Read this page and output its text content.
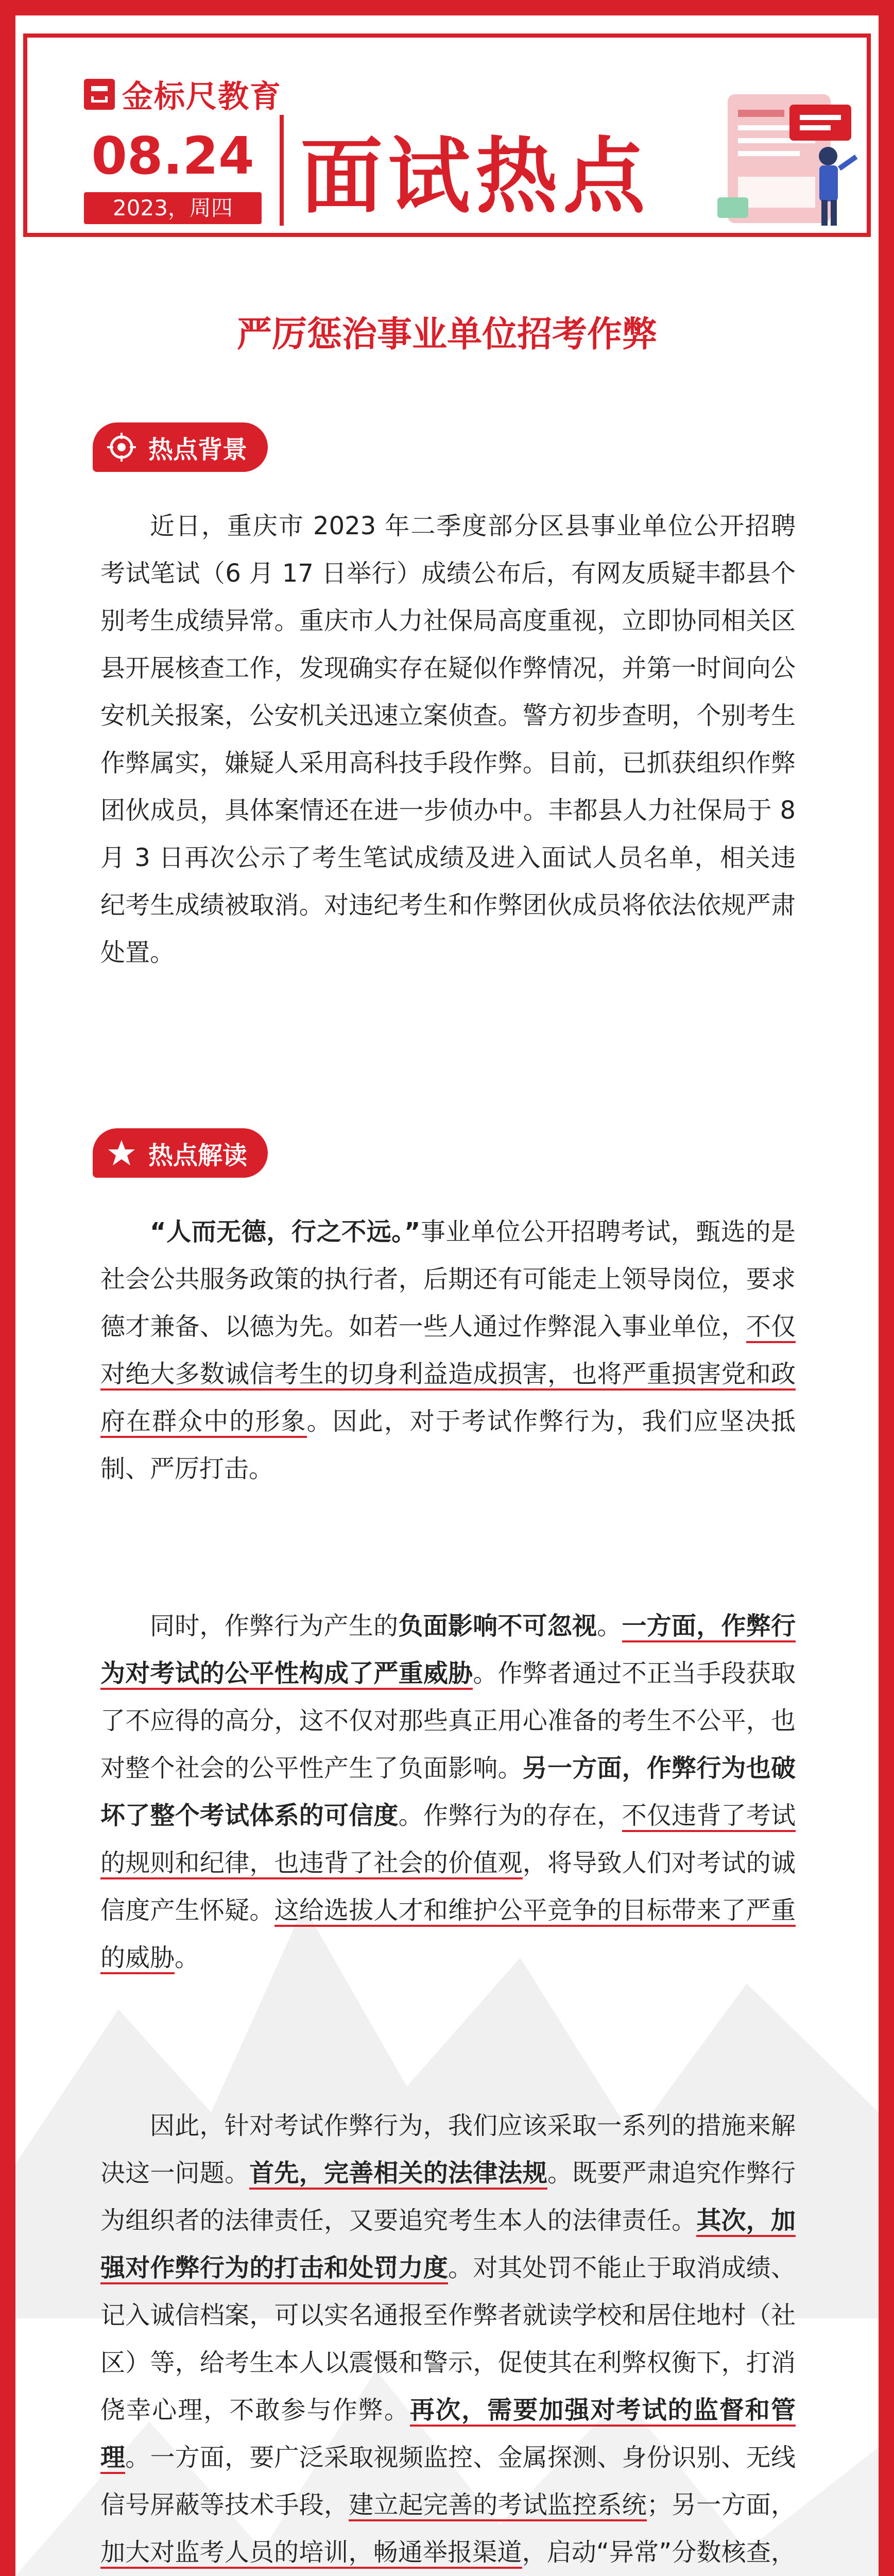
金标尺教育
08.24
2023，周四 面试热点
严厉惩治事业单位招考作弊
热点背景

近日，重庆市 2023 年二季度部分区县事业单位公开招聘考试笔试（6 月 17 日举行）成绩公布后，有网友质疑丰都县个别考生成绩异常。重庆市人力社保局高度重视，立即协同相关区县开展核查工作，发现确实存在疑似作弊情况，并第一时间向公安机关报案，公安机关迅速立案侦查。警方初步查明，个别考生作弊属实，嫌疑人采用高科技手段作弊。目前，已抓获组织作弊团伙成员，具体案情还在进一步侦办中。丰都县人力社保局于 8 月 3 日再次公示了考生笔试成绩及进入面试人员名单，相关违纪考生成绩被取消。对违纪考生和作弊团伙成员将依法依规严肃处置。

热点解读

“人而无德，行之不远。”事业单位公开招聘考试，甄选的是社会公共服务政策的执行者，后期还有可能走上领导岗位，要求德才兼备、以德为先。如若一些人通过作弊混入事业单位，不仅对绝大多数诚信考生的切身利益造成损害，也将严重损害党和政府在群众中的形象。因此，对于考试作弊行为，我们应坚决抵制、严厉打击。

同时，作弊行为产生的负面影响不可忽视。一方面，作弊行为对考试的公平性构成了严重威胁。作弊者通过不正当手段获取了不应得的高分，这不仅对那些真正用心准备的考生不公平，也对整个社会的公平性产生了负面影响。另一方面，作弊行为也破坏了整个考试体系的可信度。作弊行为的存在，不仅违背了考试的规则和纪律，也违背了社会的价值观，将导致人们对考试的诚信度产生怀疑。这给选拔人才和维护公平竞争的目标带来了严重的威胁。

因此，针对考试作弊行为，我们应该采取一系列的措施来解决这一问题。首先，完善相关的法律法规。既要严肃追究作弊行为组织者的法律责任，又要追究考生本人的法律责任。其次，加强对作弊行为的打击和处罚力度。对其处罚不能止于取消成绩、记入诚信档案，可以实名通报至作弊者就读学校和居住地村（社区）等，给考生本人以震慑和警示，促使其在利弊权衡下，打消侥幸心理，不敢参与作弊。再次，需要加强对考试的监督和管理。一方面，要广泛采取视频监控、金属探测、身份识别、无线信号屏蔽等技术手段，建立起完善的考试监控系统；另一方面，加大对监考人员的培训，畅通举报渠道，启动“异常”分数核查，
